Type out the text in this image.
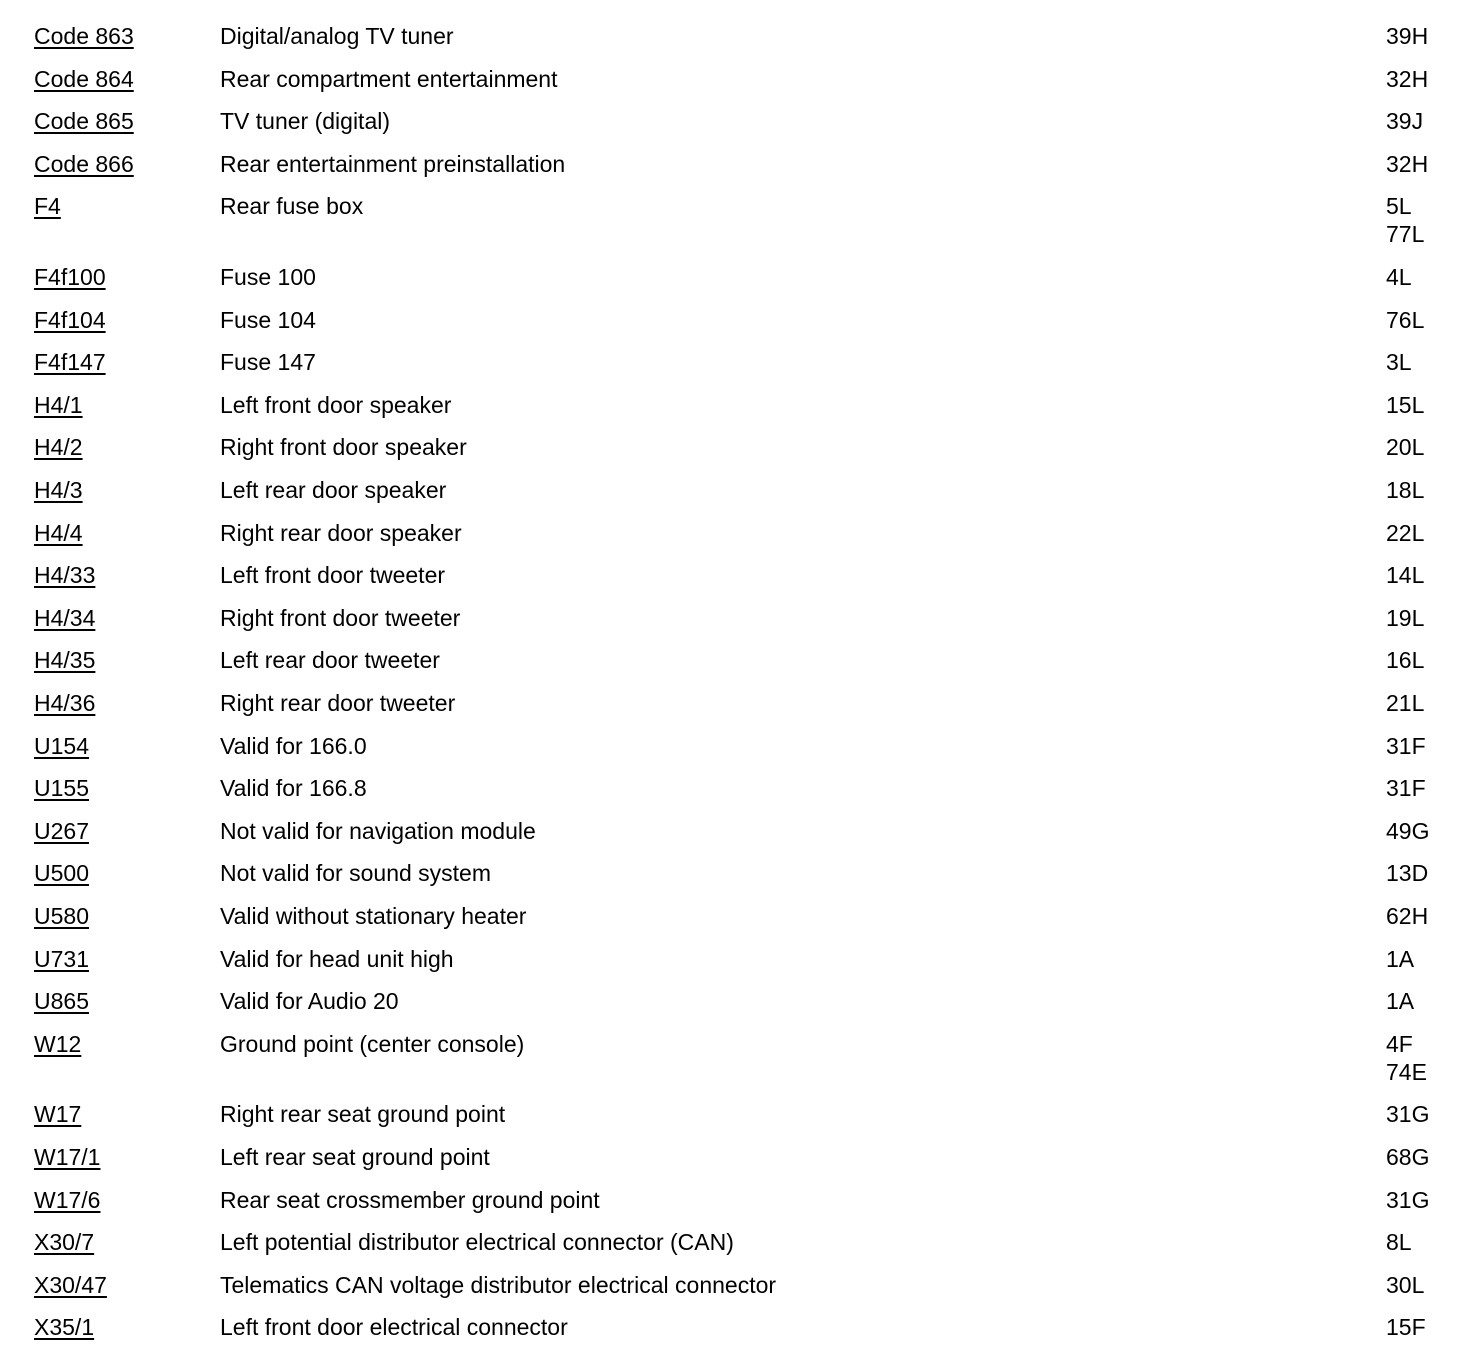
Code 863	Digital/analog TV tuner	39H
Code 864	Rear compartment entertainment	32H
Code 865	TV tuner (digital)	39J
Code 866	Rear entertainment preinstallation	32H
F4	Rear fuse box	5L
77L
F4f100	Fuse 100	4L
F4f104	Fuse 104	76L
F4f147	Fuse 147	3L
H4/1	Left front door speaker	15L
H4/2	Right front door speaker	20L
H4/3	Left rear door speaker	18L
H4/4	Right rear door speaker	22L
H4/33	Left front door tweeter	14L
H4/34	Right front door tweeter	19L
H4/35	Left rear door tweeter	16L
H4/36	Right rear door tweeter	21L
U154	Valid for 166.0	31F
U155	Valid for 166.8	31F
U267	Not valid for navigation module	49G
U500	Not valid for sound system	13D
U580	Valid without stationary heater	62H
U731	Valid for head unit high	1A
U865	Valid for Audio 20	1A
W12	Ground point (center console)	4F
74E
W17	Right rear seat ground point	31G
W17/1	Left rear seat ground point	68G
W17/6	Rear seat crossmember ground point	31G
X30/7	Left potential distributor electrical connector (CAN)	8L
X30/47	Telematics CAN voltage distributor electrical connector	30L
X35/1	Left front door electrical connector	15F
